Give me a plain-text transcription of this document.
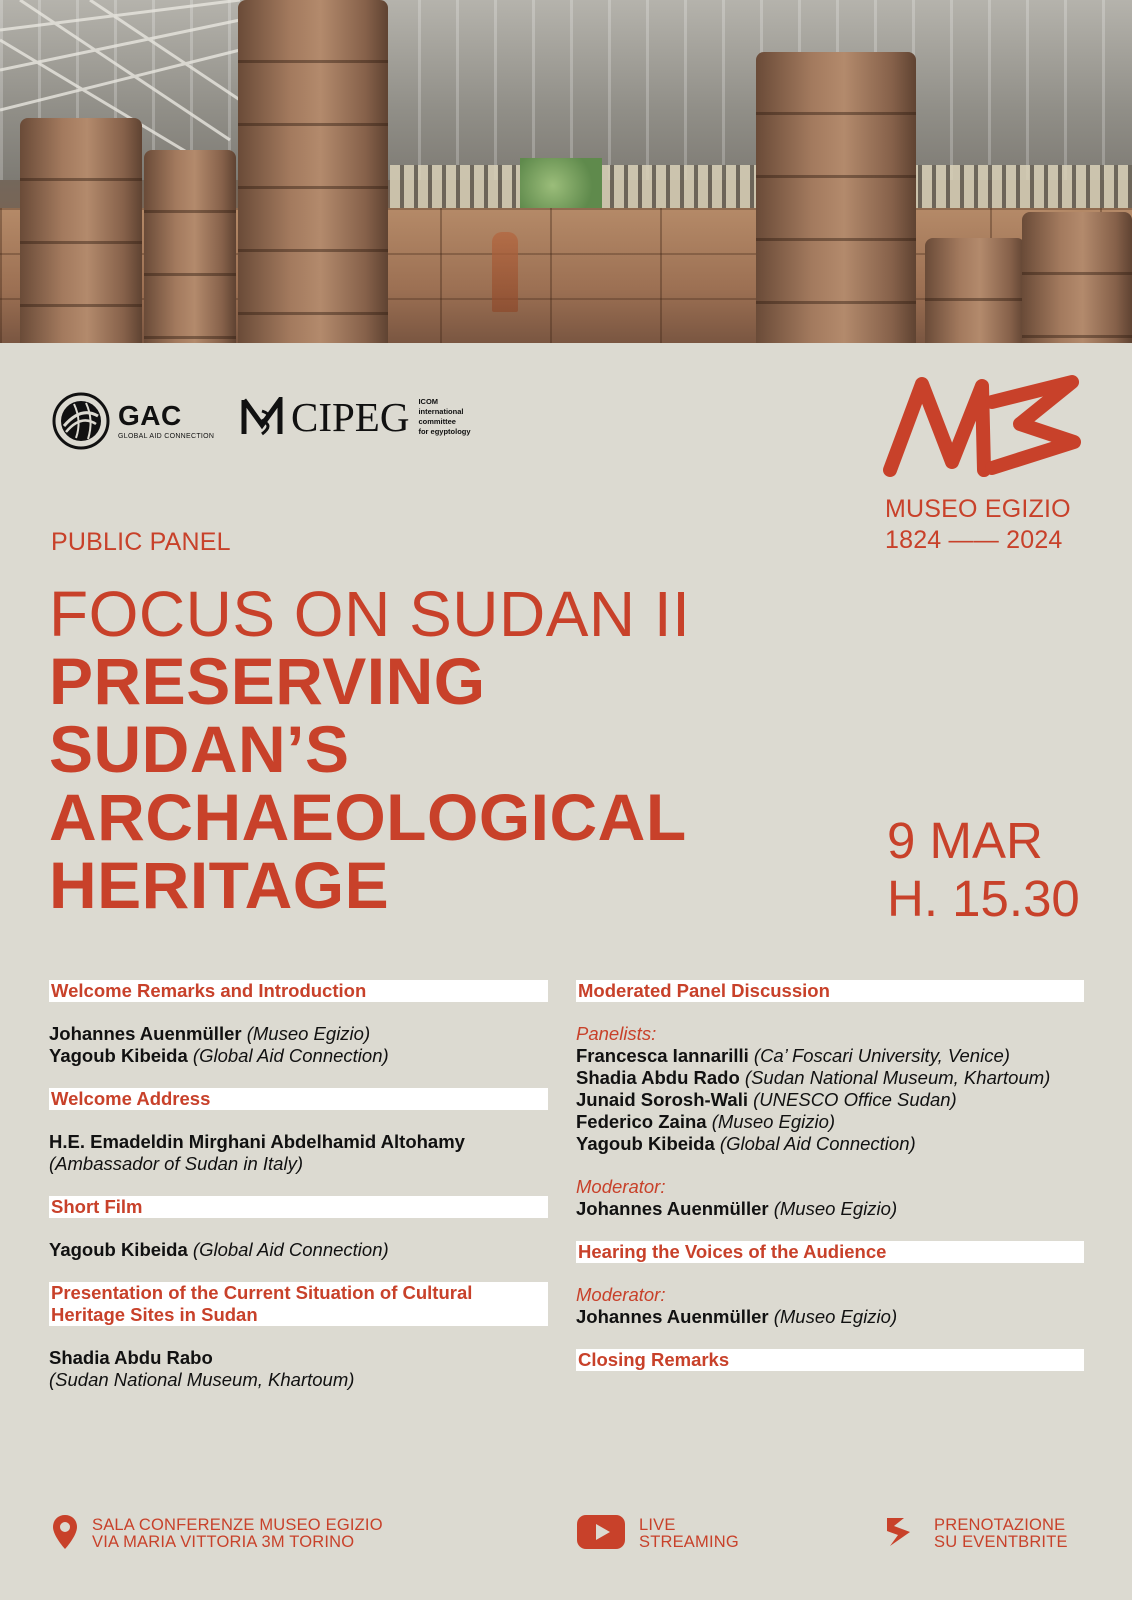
GAC
GLOBAL AID CONNECTION CIPEG ICOM
international
committee
for egyptology
MUSEO EGIZIO
1824 —— 2024
PUBLIC PANEL
FOCUS ON SUDAN II
PRESERVING
SUDAN’S
ARCHAEOLOGICAL
HERITAGE
9 MAR
H. 15.30
Welcome Remarks and Introduction
Johannes Auenmüller (Museo Egizio)
Yagoub Kibeida (Global Aid Connection)
Welcome Address
H.E. Emadeldin Mirghani Abdelhamid Altohamy
(Ambassador of Sudan in Italy)
Short Film
Yagoub Kibeida (Global Aid Connection)
Presentation of the Current Situation of Cultural Heritage Sites in Sudan
Shadia Abdu Rabo
(Sudan National Museum, Khartoum)
Moderated Panel Discussion
Panelists:
Francesca Iannarilli (Ca’ Foscari University, Venice)
Shadia Abdu Rado (Sudan National Museum, Khartoum)
Junaid Sorosh-Wali (UNESCO Office Sudan)
Federico Zaina (Museo Egizio)
Yagoub Kibeida (Global Aid Connection)
Moderator:
Johannes Auenmüller (Museo Egizio)
Hearing the Voices of the Audience
Moderator:
Johannes Auenmüller (Museo Egizio)
Closing Remarks
SALA CONFERENZE MUSEO EGIZIO
VIA MARIA VITTORIA 3M TORINO
LIVE
STREAMING
PRENOTAZIONE
SU EVENTBRITE
